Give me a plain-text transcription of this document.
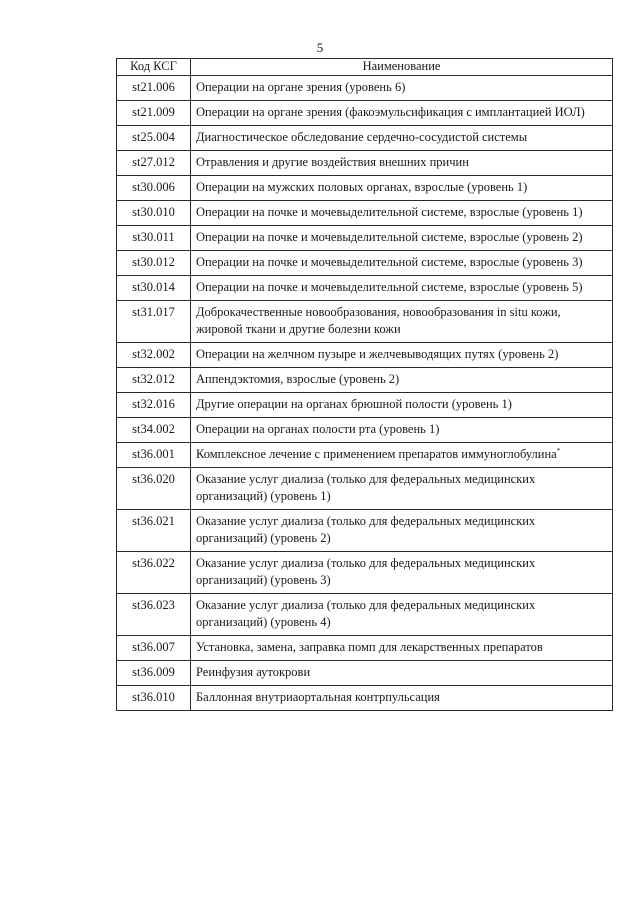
5
Код КСГ	Наименование
st21.006	Операции на органе зрения (уровень 6)
st21.009	Операции на органе зрения (факоэмульсификация с имплантацией ИОЛ)
st25.004	Диагностическое обследование сердечно-сосудистой системы
st27.012	Отравления и другие воздействия внешних причин
st30.006	Операции на мужских половых органах, взрослые (уровень 1)
st30.010	Операции на почке и мочевыделительной системе, взрослые (уровень 1)
st30.011	Операции на почке и мочевыделительной системе, взрослые (уровень 2)
st30.012	Операции на почке и мочевыделительной системе, взрослые (уровень 3)
st30.014	Операции на почке и мочевыделительной системе, взрослые (уровень 5)
st31.017	Доброкачественные новообразования, новообразования in situ кожи, жировой ткани и другие болезни кожи
st32.002	Операции на желчном пузыре и желчевыводящих путях (уровень 2)
st32.012	Аппендэктомия, взрослые (уровень 2)
st32.016	Другие операции на органах брюшной полости (уровень 1)
st34.002	Операции на органах полости рта (уровень 1)
st36.001	Комплексное лечение с применением препаратов иммуноглобулина*
st36.020	Оказание услуг диализа (только для федеральных медицинских организаций) (уровень 1)
st36.021	Оказание услуг диализа (только для федеральных медицинских организаций) (уровень 2)
st36.022	Оказание услуг диализа (только для федеральных медицинских организаций) (уровень 3)
st36.023	Оказание услуг диализа (только для федеральных медицинских организаций) (уровень 4)
st36.007	Установка, замена, заправка помп для лекарственных препаратов
st36.009	Реинфузия аутокрови
st36.010	Баллонная внутриаортальная контрпульсация
